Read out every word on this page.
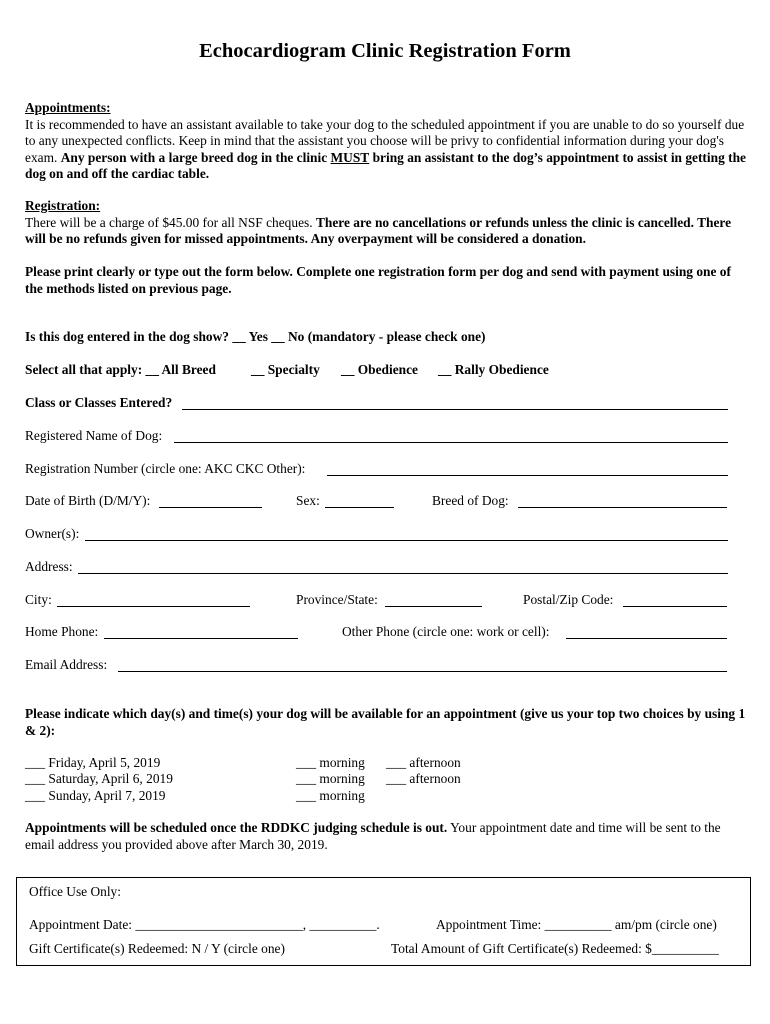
Echocardiogram Clinic Registration Form
Appointments:
It is recommended to have an assistant available to take your dog to the scheduled appointment if you are unable to do so yourself due to any unexpected conflicts. Keep in mind that the assistant you choose will be privy to confidential information during your dog's exam. Any person with a large breed dog in the clinic MUST bring an assistant to the dog’s appointment to assist in getting the dog on and off the cardiac table.
Registration:
There will be a charge of $45.00 for all NSF cheques. There are no cancellations or refunds unless the clinic is cancelled. There will be no refunds given for missed appointments. Any overpayment will be considered a donation.
Please print clearly or type out the form below. Complete one registration form per dog and send with payment using one of the methods listed on previous page.
Is this dog entered in the dog show? __ Yes __ No (mandatory - please check one)
Select all that apply: __ All Breed	__ Specialty __ Obedience __ Rally Obedience
Class or Classes Entered?
Registered Name of Dog:
Registration Number (circle one: AKC CKC Other):
Date of Birth (D/M/Y):	Sex:	Breed of Dog:
Owner(s):
Address:
City:	Province/State:	Postal/Zip Code:
Home Phone:	Other Phone (circle one: work or cell):
Email Address:
Please indicate which day(s) and time(s) your dog will be available for an appointment (give us your top two choices by using 1 & 2):
___ Friday, April 5, 2019	___ morning ___ afternoon
___ Saturday, April 6, 2019	___ morning ___ afternoon
___ Sunday, April 7, 2019	___ morning
Appointments will be scheduled once the RDDKC judging schedule is out. Your appointment date and time will be sent to the email address you provided above after March 30, 2019.
Office Use Only:
Appointment Date: _________________________, __________.	Appointment Time: __________ am/pm (circle one)
Gift Certificate(s) Redeemed: N / Y (circle one)	Total Amount of Gift Certificate(s) Redeemed: $__________
